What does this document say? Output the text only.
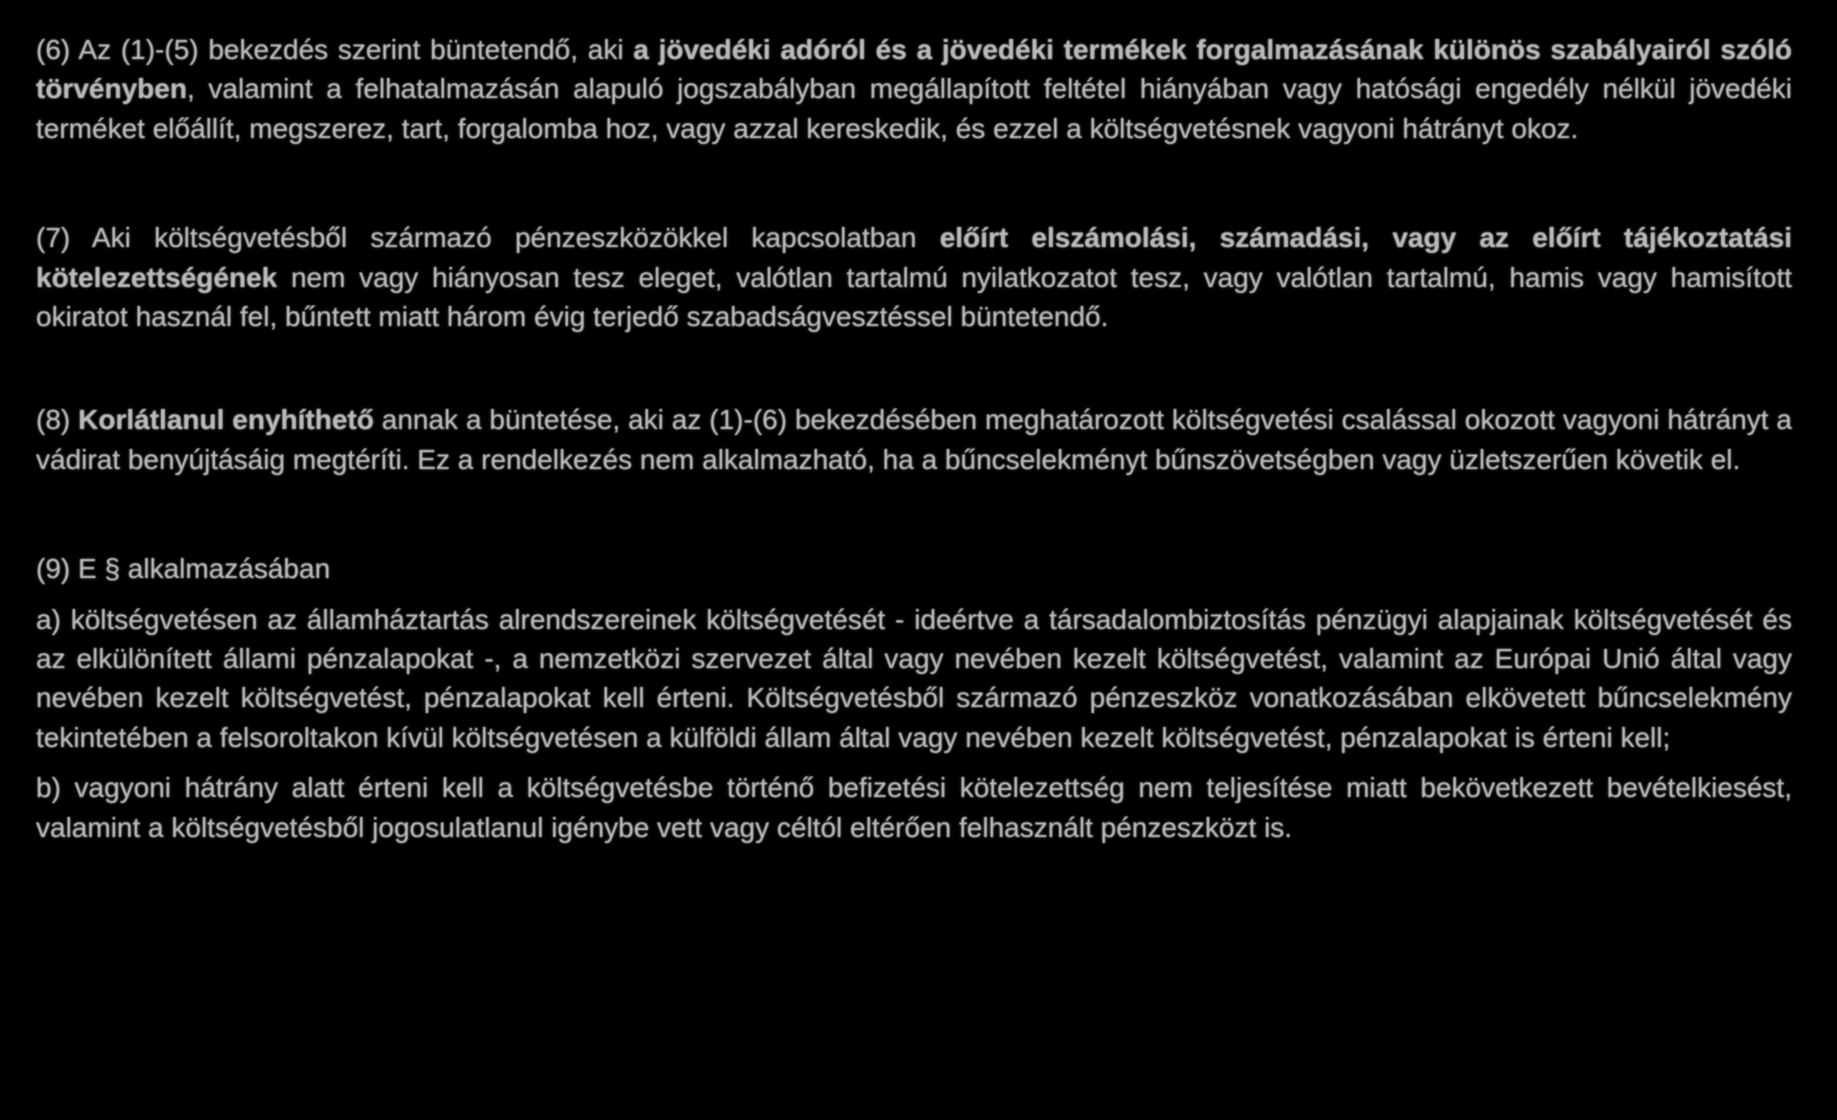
(6) Az (1)-(5) bekezdés szerint büntetendő, aki a jövedéki adóról és a jövedéki termékek forgalmazásának különös szabályairól szóló törvényben, valamint a felhatalmazásán alapuló jogszabályban megállapított feltétel hiányában vagy hatósági engedély nélkül jövedéki terméket előállít, megszerez, tart, forgalomba hoz, vagy azzal kereskedik, és ezzel a költségvetésnek vagyoni hátrányt okoz.

(7) Aki költségvetésből származó pénzeszközökkel kapcsolatban előírt elszámolási, számadási, vagy az előírt tájékoztatási kötelezettségének nem vagy hiányosan tesz eleget, valótlan tartalmú nyilatkozatot tesz, vagy valótlan tartalmú, hamis vagy hamisított okiratot használ fel, bűntett miatt három évig terjedő szabadságvesztéssel büntetendő.

(8) Korlátlanul enyhíthető annak a büntetése, aki az (1)-(6) bekezdésében meghatározott költségvetési csalással okozott vagyoni hátrányt a vádirat benyújtásáig megtéríti. Ez a rendelkezés nem alkalmazható, ha a bűncselekményt bűnszövetségben vagy üzletszerűen követik el.

(9) E § alkalmazásában

a) költségvetésen az államháztartás alrendszereinek költségvetését - ideértve a társadalombiztosítás pénzügyi alapjainak költségvetését és az elkülönített állami pénzalapokat -, a nemzetközi szervezet által vagy nevében kezelt költségvetést, valamint az Európai Unió által vagy nevében kezelt költségvetést, pénzalapokat kell érteni. Költségvetésből származó pénzeszköz vonatkozásában elkövetett bűncselekmény tekintetében a felsoroltakon kívül költségvetésen a külföldi állam által vagy nevében kezelt költségvetést, pénzalapokat is érteni kell;

b) vagyoni hátrány alatt érteni kell a költségvetésbe történő befizetési kötelezettség nem teljesítése miatt bekövetkezett bevételkiesést, valamint a költségvetésből jogosulatlanul igénybe vett vagy céltól eltérően felhasznált pénzeszközt is.
